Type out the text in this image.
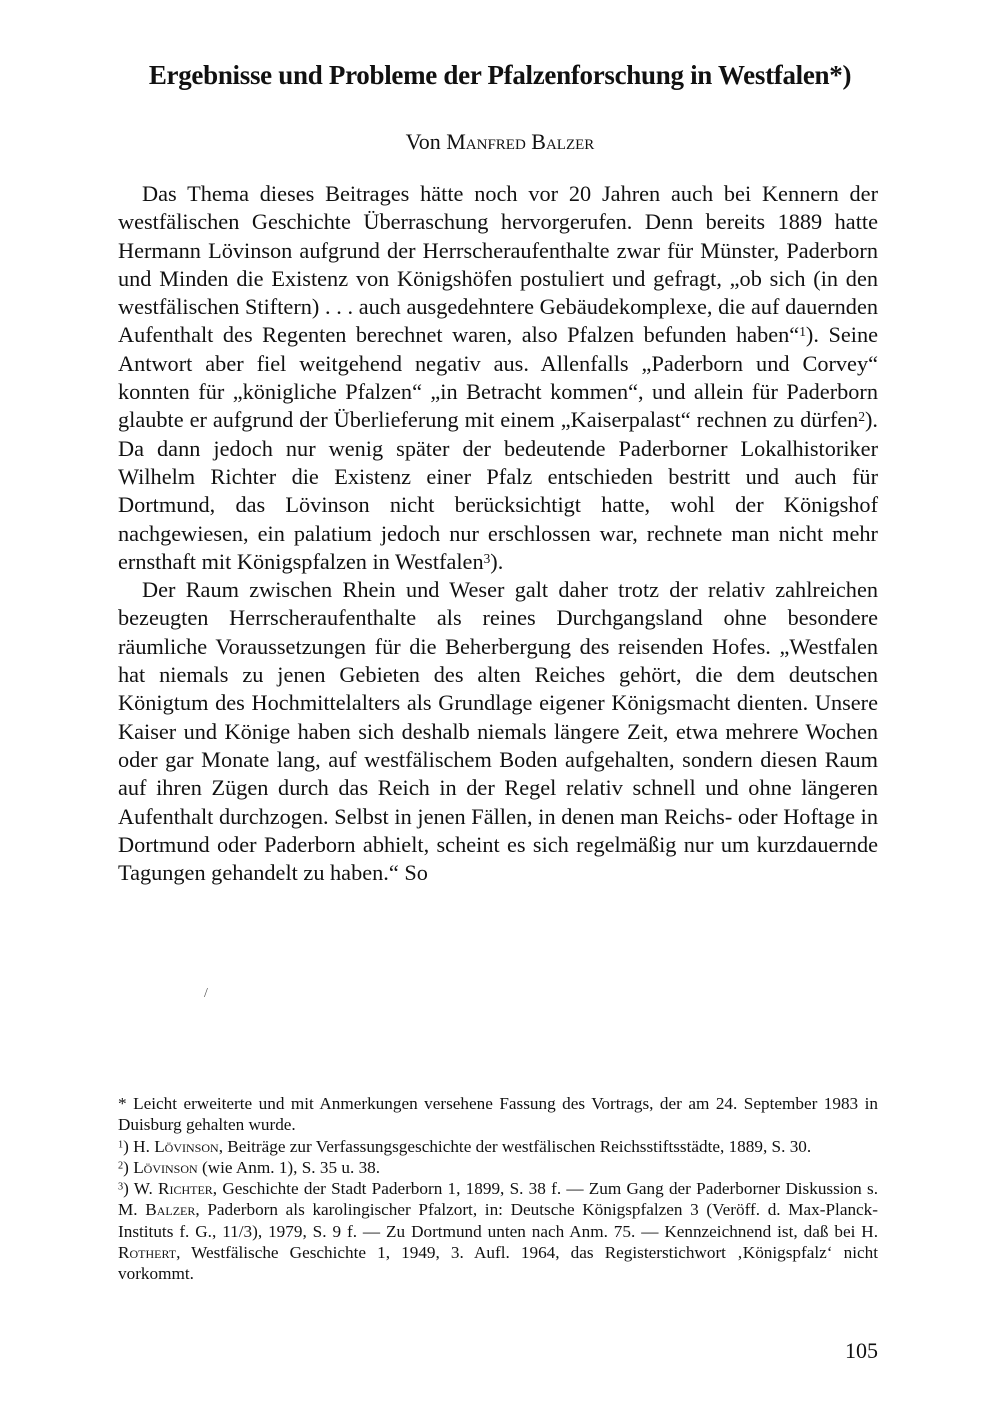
Ergebnisse und Probleme der Pfalzenforschung in Westfalen*)
Von Manfred Balzer

Das Thema dieses Beitrages hätte noch vor 20 Jahren auch bei Kennern der westfälischen Geschichte Überraschung hervorgerufen. Denn bereits 1889 hatte Hermann Lövinson aufgrund der Herrscheraufenthalte zwar für Münster, Paderborn und Minden die Existenz von Königshöfen postuliert und gefragt, „ob sich (in den westfälischen Stiftern) . . . auch ausgedehntere Gebäudekomplexe, die auf dauernden Aufenthalt des Regenten berechnet waren, also Pfalzen befunden haben“$^1$). Seine Antwort aber fiel weitgehend negativ aus. Allenfalls „Paderborn und Corvey“ konnten für „königliche Pfalzen“ „in Betracht kommen“, und allein für Paderborn glaubte er aufgrund der Überlieferung mit einem „Kaiserpalast“ rechnen zu dürfen$^2$). Da dann jedoch nur wenig später der bedeutende Paderborner Lokalhistoriker Wilhelm Richter die Existenz einer Pfalz entschieden bestritt und auch für Dortmund, das Lövinson nicht berücksichtigt hatte, wohl der Königshof nachgewiesen, ein palatium jedoch nur erschlossen war, rechnete man nicht mehr ernsthaft mit Königspfalzen in Westfalen$^3$).

Der Raum zwischen Rhein und Weser galt daher trotz der relativ zahlreichen bezeugten Herrscheraufenthalte als reines Durchgangsland ohne besondere räumliche Voraussetzungen für die Beherbergung des reisenden Hofes. „Westfalen hat niemals zu jenen Gebieten des alten Reiches gehört, die dem deutschen Königtum des Hochmittelalters als Grundlage eigener Königsmacht dienten. Unsere Kaiser und Könige haben sich deshalb niemals längere Zeit, etwa mehrere Wochen oder gar Monate lang, auf westfälischem Boden aufgehalten, sondern diesen Raum auf ihren Zügen durch das Reich in der Regel relativ schnell und ohne längeren Aufenthalt durchzogen. Selbst in jenen Fällen, in denen man Reichs- oder Hoftage in Dortmund oder Paderborn abhielt, scheint es sich regelmäßig nur um kurzdauernde Tagungen gehandelt zu haben.“ So

/

* Leicht erweiterte und mit Anmerkungen versehene Fassung des Vortrags, der am 24. September 1983 in Duisburg gehalten wurde.

$^1$) H. Lövinson, Beiträge zur Verfassungsgeschichte der westfälischen Reichsstiftsstädte, 1889, S. 30.

$^2$) Lövinson (wie Anm. 1), S. 35 u. 38.

$^3$) W. Richter, Geschichte der Stadt Paderborn 1, 1899, S. 38 f. — Zum Gang der Paderborner Diskussion s. M. Balzer, Paderborn als karolingischer Pfalzort, in: Deutsche Königspfalzen 3 (Veröff. d. Max-Planck-Instituts f. G., 11/3), 1979, S. 9 f. — Zu Dortmund unten nach Anm. 75. — Kennzeichnend ist, daß bei H. Rothert, Westfälische Geschichte 1, 1949, 3. Aufl. 1964, das Registerstichwort ‚Königspfalz‘ nicht vorkommt.

105
